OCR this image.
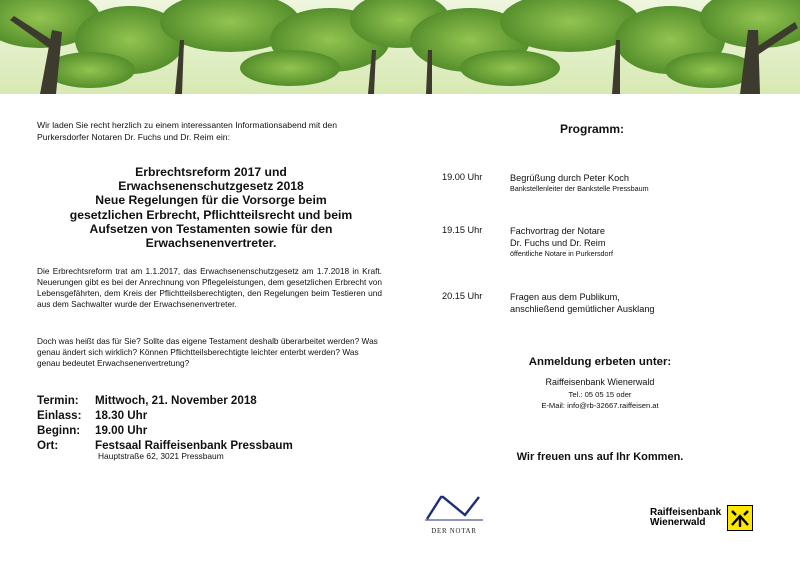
Wir laden Sie recht herzlich zu einem interessanten Informationsabend mit den Purkersdorfer Notaren Dr. Fuchs und Dr. Reim ein:
Erbrechtsreform 2017 und
Erwachsenenschutzgesetz 2018
Neue Regelungen für die Vorsorge beim
gesetzlichen Erbrecht, Pflichtteilsrecht und beim
Aufsetzen von Testamenten sowie für den
Erwachsenenvertreter.
Die Erbrechtsreform trat am 1.1.2017, das Erwachsenenschutzgesetz am 1.7.2018 in Kraft. Neuerungen gibt es bei der Anrechnung von Pflegeleistungen, dem gesetzlichen Erbrecht von Lebensgefährten, dem Kreis der Pflichtteilsberechtigten, den Regelungen beim Testieren und aus dem Sachwalter wurde der Erwachsenenvertreter.
Doch was heißt das für Sie? Sollte das eigene Testament deshalb überarbeitet werden? Was genau ändert sich wirklich? Können Pflichtteilsberechtigte leichter enterbt werden? Was genau bedeutet Erwachsenenvertretung?
Termin:	Mittwoch, 21. November 2018
Einlass:	18.30 Uhr
Beginn:	19.00 Uhr
Ort:	Festsaal Raiffeisenbank Pressbaum
Hauptstraße 62, 3021 Pressbaum
Programm:
19.00 Uhr	Begrüßung durch Peter Koch
Bankstellenleiter der Bankstelle Pressbaum
19.15 Uhr	Fachvortrag der Notare
Dr. Fuchs und Dr. Reim
öffentliche Notare in Purkersdorf
20.15 Uhr	Fragen aus dem Publikum,
anschließend gemütlicher Ausklang
Anmeldung erbeten unter:
Raiffeisenbank Wienerwald
Tel.: 05 05 15 oder
E-Mail: info@rb-32667.raiffeisen.at
Wir freuen uns auf Ihr Kommen.
DER NOTAR
Raiffeisenbank
Wienerwald
